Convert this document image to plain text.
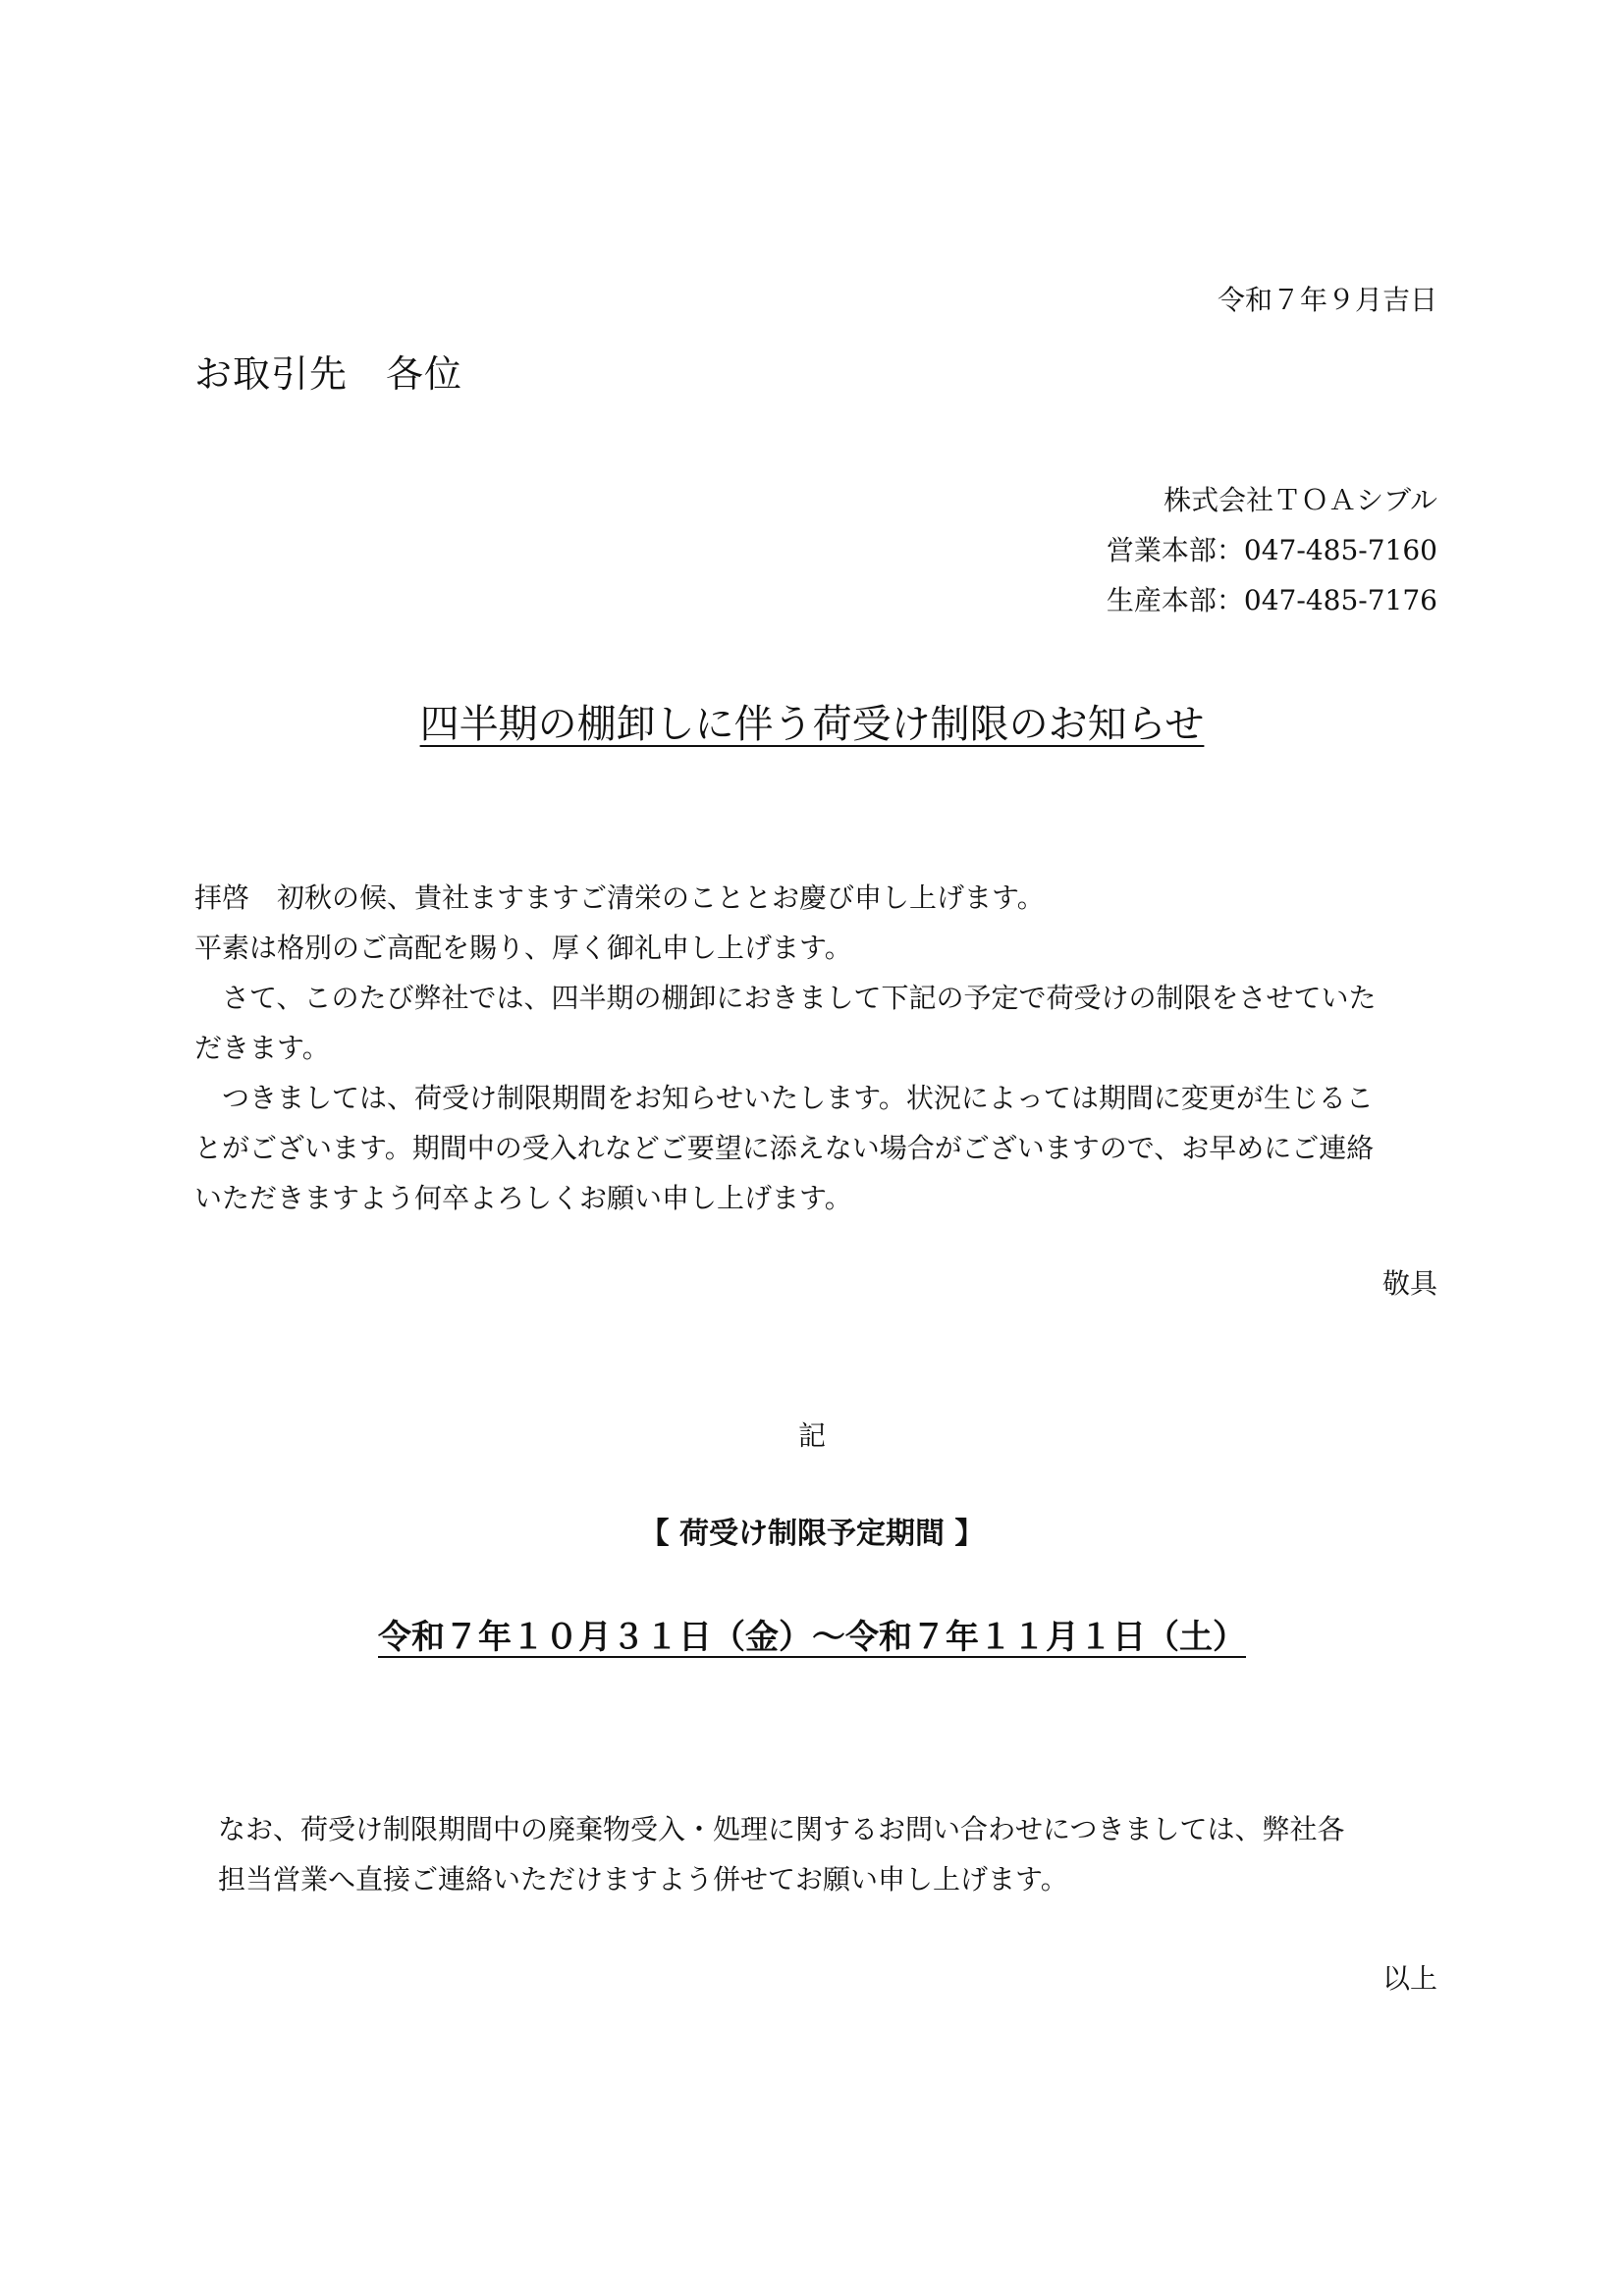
令和７年９月吉日
お取引先　各位
株式会社ＴＯＡシブル
営業本部：047-485-7160
生産本部：047-485-7176
四半期の棚卸しに伴う荷受け制限のお知らせ

拝啓　初秋の候、貴社ますますご清栄のこととお慶び申し上げます。

平素は格別のご高配を賜り、厚く御礼申し上げます。

　さて、このたび弊社では、四半期の棚卸におきまして下記の予定で荷受けの制限をさせていた

だきます。

　つきましては、荷受け制限期間をお知らせいたします。状況によっては期間に変更が生じるこ

とがございます。期間中の受入れなどご要望に添えない場合がございますので、お早めにご連絡

いただきますよう何卒よろしくお願い申し上げます。

敬具
記
【 荷受け制限予定期間 】
令和７年１０月３１日（金）～令和７年１１月１日（土）

なお、荷受け制限期間中の廃棄物受入・処理に関するお問い合わせにつきましては、弊社各

担当営業へ直接ご連絡いただけますよう併せてお願い申し上げます。

以上
